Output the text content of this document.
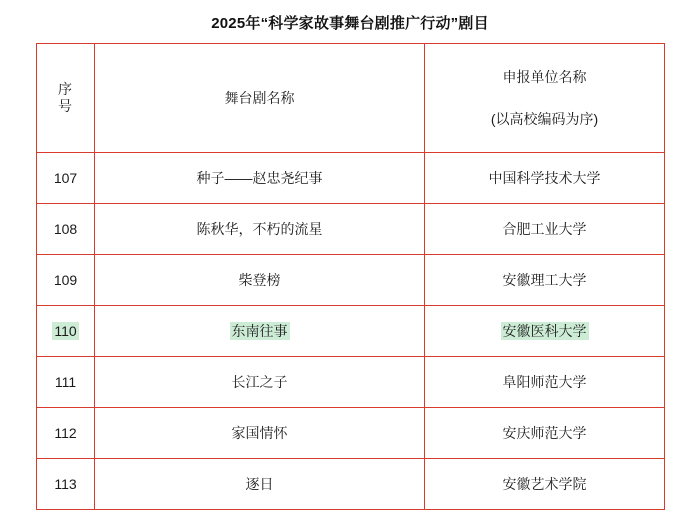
2025年“科学家故事舞台剧推广行动”剧目
序
号	舞台剧名称	申报单位名称
(以高校编码为序)

107	种子——赵忠尧纪事	中国科学技术大学
108	陈秋华，不朽的流星	合肥工业大学
109	柴登榜	安徽理工大学
110	东南往事	安徽医科大学
111	长江之子	阜阳师范大学
112	家国情怀	安庆师范大学
113	逐日	安徽艺术学院
